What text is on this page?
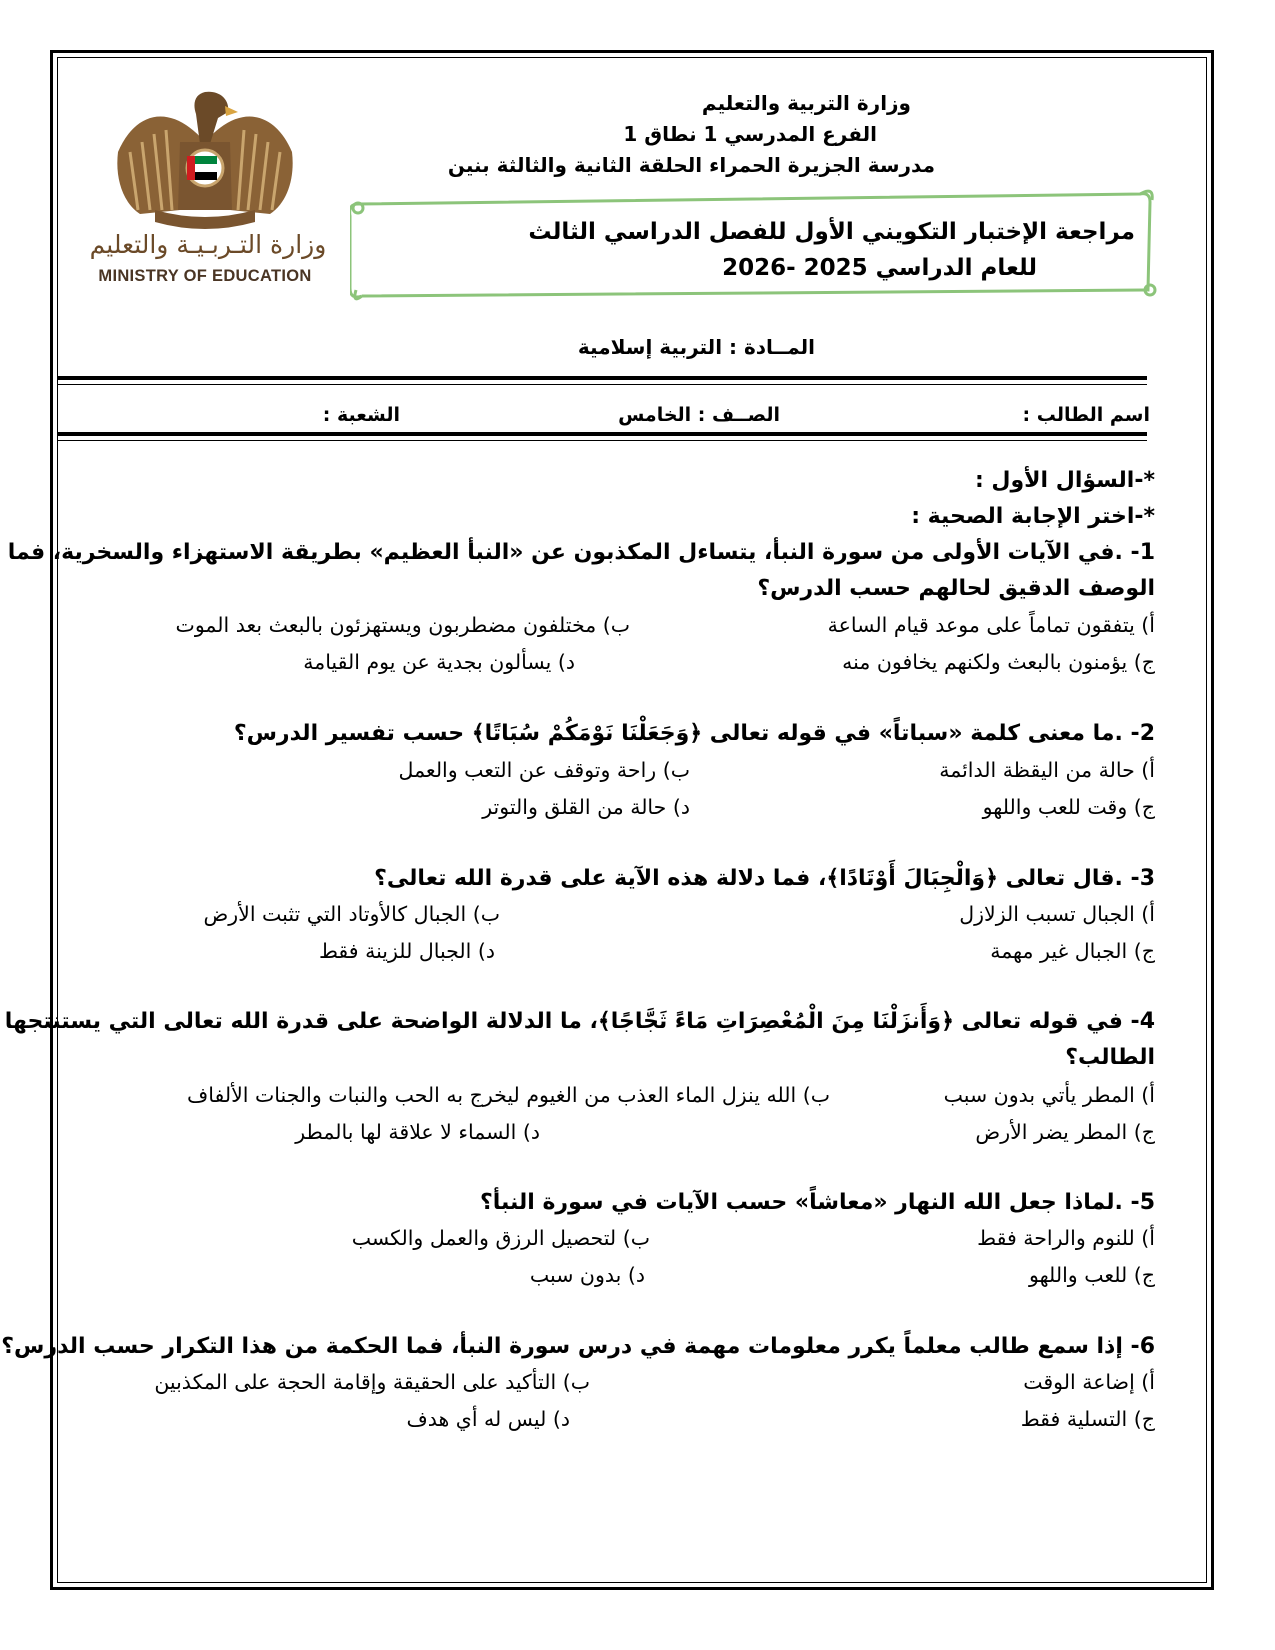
وزارة التـربـيـة والتعليم
MINISTRY OF EDUCATION
وزارة التربية والتعليم
الفرع المدرسي 1 نطاق 1
مدرسة الجزيرة الحمراء الحلقة الثانية والثالثة بنين
مراجعة الإختبار التكويني الأول للفصل الدراسي الثالث
للعام الدراسي 2025 -2026
المــادة : التربية إسلامية
اسم الطالب :
الصــف : الخامس
الشعبة :
*-السؤال الأول :
*-اختر الإجابة الصحية :
1- .في الآيات الأولى من سورة النبأ، يتساءل المكذبون عن «النبأ العظيم» بطريقة الاستهزاء والسخرية، فما
الوصف الدقيق لحالهم حسب الدرس؟
أ) يتفقون تماماً على موعد قيام الساعة
ب) مختلفون مضطربون ويستهزئون بالبعث بعد الموت
ج) يؤمنون بالبعث ولكنهم يخافون منه
د) يسألون بجدية عن يوم القيامة
2- .ما معنى كلمة «سباتاً» في قوله تعالى ﴿وَجَعَلْنَا نَوْمَكُمْ سُبَاتًا﴾ حسب تفسير الدرس؟
أ) حالة من اليقظة الدائمة
ب) راحة وتوقف عن التعب والعمل
ج) وقت للعب واللهو
د) حالة من القلق والتوتر
3- .قال تعالى ﴿وَالْجِبَالَ أَوْتَادًا﴾، فما دلالة هذه الآية على قدرة الله تعالى؟
أ) الجبال تسبب الزلازل
ب) الجبال كالأوتاد التي تثبت الأرض
ج) الجبال غير مهمة
د) الجبال للزينة فقط
4- في قوله تعالى ﴿وَأَنزَلْنَا مِنَ الْمُعْصِرَاتِ مَاءً ثَجَّاجًا﴾، ما الدلالة الواضحة على قدرة الله تعالى التي يستنتجها
الطالب؟
أ) المطر يأتي بدون سبب
ب) الله ينزل الماء العذب من الغيوم ليخرج به الحب والنبات والجنات الألفاف
ج) المطر يضر الأرض
د) السماء لا علاقة لها بالمطر
5- .لماذا جعل الله النهار «معاشاً» حسب الآيات في سورة النبأ؟
أ) للنوم والراحة فقط
ب) لتحصيل الرزق والعمل والكسب
ج) للعب واللهو
د) بدون سبب
6- إذا سمع طالب معلماً يكرر معلومات مهمة في درس سورة النبأ، فما الحكمة من هذا التكرار حسب الدرس؟
أ) إضاعة الوقت
ب) التأكيد على الحقيقة وإقامة الحجة على المكذبين
ج) التسلية فقط
د) ليس له أي هدف
